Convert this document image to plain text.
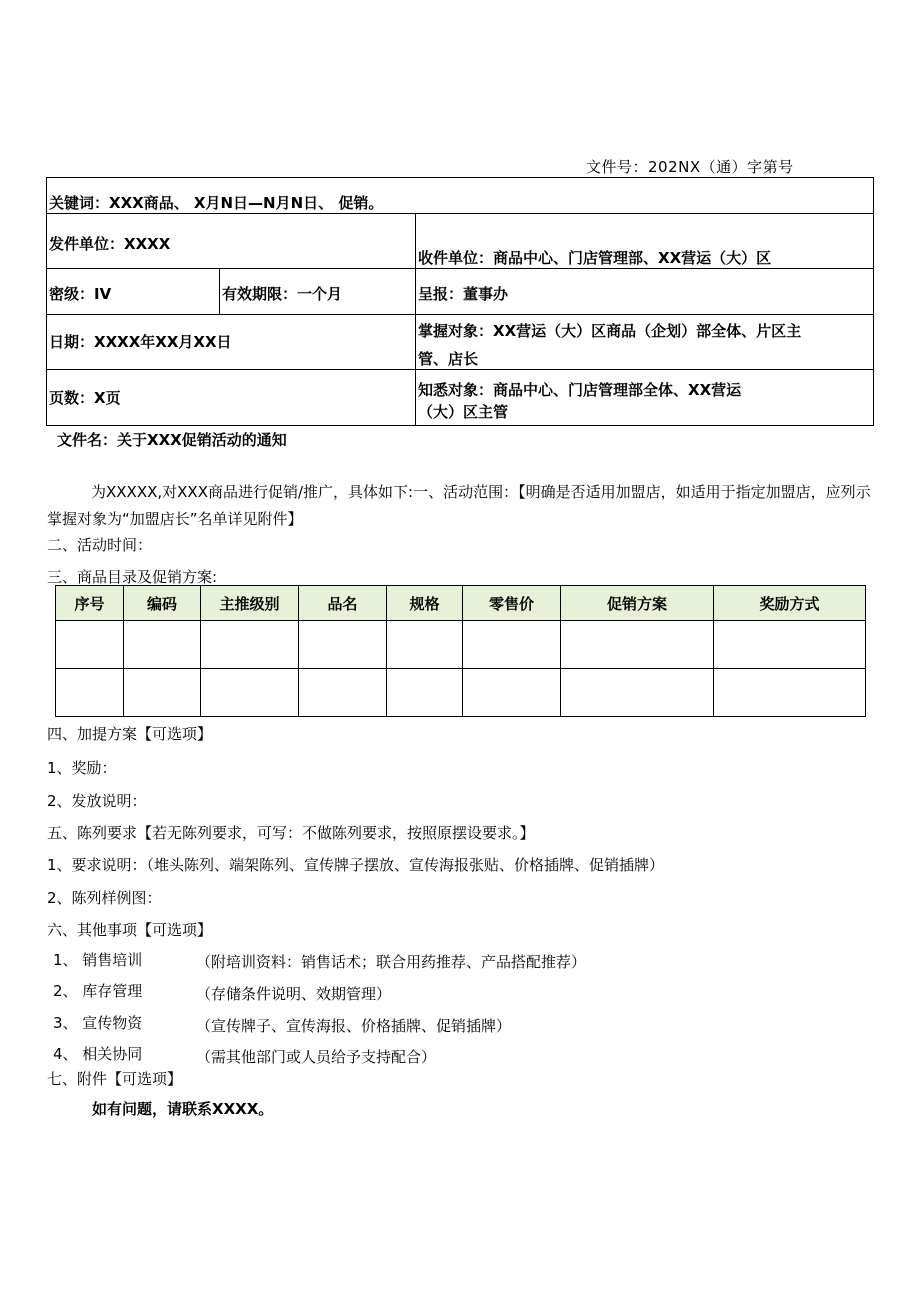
文件号：202NX（通）字第号
关键词：XXX商品、 X月N日—N月N日、 促销。
发件单位：XXXX
收件单位：商品中心、门店管理部、XX营运（大）区
密级：IV	有效期限：一个月	呈报：董事办
日期：XXXX年XX月XX日
掌握对象：XX营运（大）区商品（企划）部全体、片区主
管、店长
页数：X页	知悉对象：商品中心、门店管理部全体、XX营运
（大）区主管
文件名：关于XXX促销活动的通知
为XXXXX,对XXX商品进行促销/推广，具体如下:一、活动范围：【明确是否适用加盟店，如适用于指定加盟店，应列示掌握对象为“加盟店长”名单详见附件】
二、活动时间：
三、商品目录及促销方案:
序号	编码	主推级别	品名	规格	零售价	促销方案	奖励方式

四、加提方案【可选项】
1、奖励：
2、发放说明：
五、陈列要求【若无陈列要求，可写：不做陈列要求，按照原摆设要求。】
1、要求说明：（堆头陈列、端架陈列、宣传牌子摆放、宣传海报张贴、价格插牌、促销插牌）
2、陈列样例图：
六、其他事项【可选项】
1、 销售培训	（附培训资料：销售话术；联合用药推荐、产品搭配推荐）
2、 库存管理	（存储条件说明、效期管理）
3、 宣传物资	（宣传牌子、宣传海报、价格插牌、促销插牌）
4、 相关协同	（需其他部门或人员给予支持配合）
七、附件【可选项】
如有问题，请联系XXXX。
